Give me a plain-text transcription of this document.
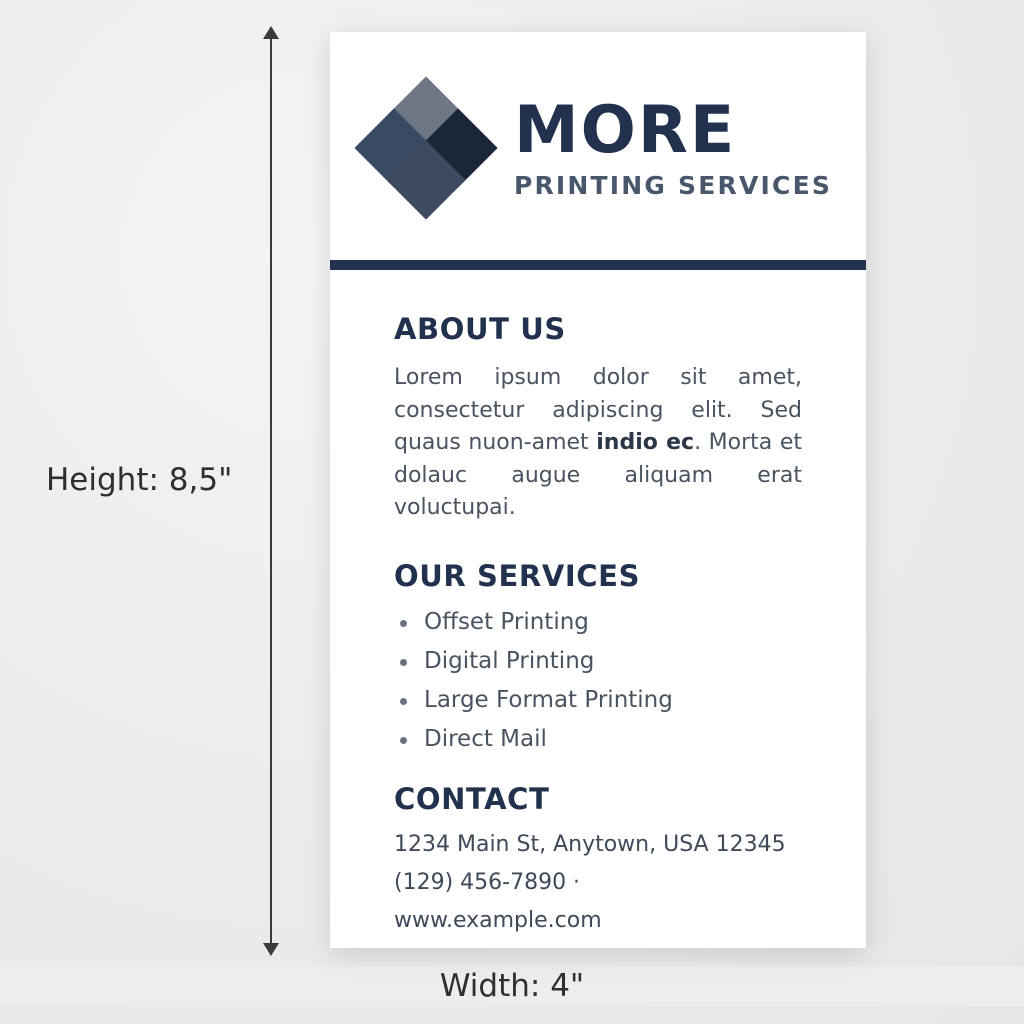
Height: 8,5"
Width: 4"
MORE
PRINTING SERVICES
ABOUT US

Lorem ipsum dolor sit amet, consectetur adipiscing elit. Sed quaus nuon-amet indio ec. Morta et dolauc augue aliquam erat voluctupai.

OUR SERVICES
Offset Printing
Digital Printing
Large Format Printing
Direct Mail
CONTACT
1234 Main St, Anytown, USA 12345
(129) 456-7890 ·
www.example.com
